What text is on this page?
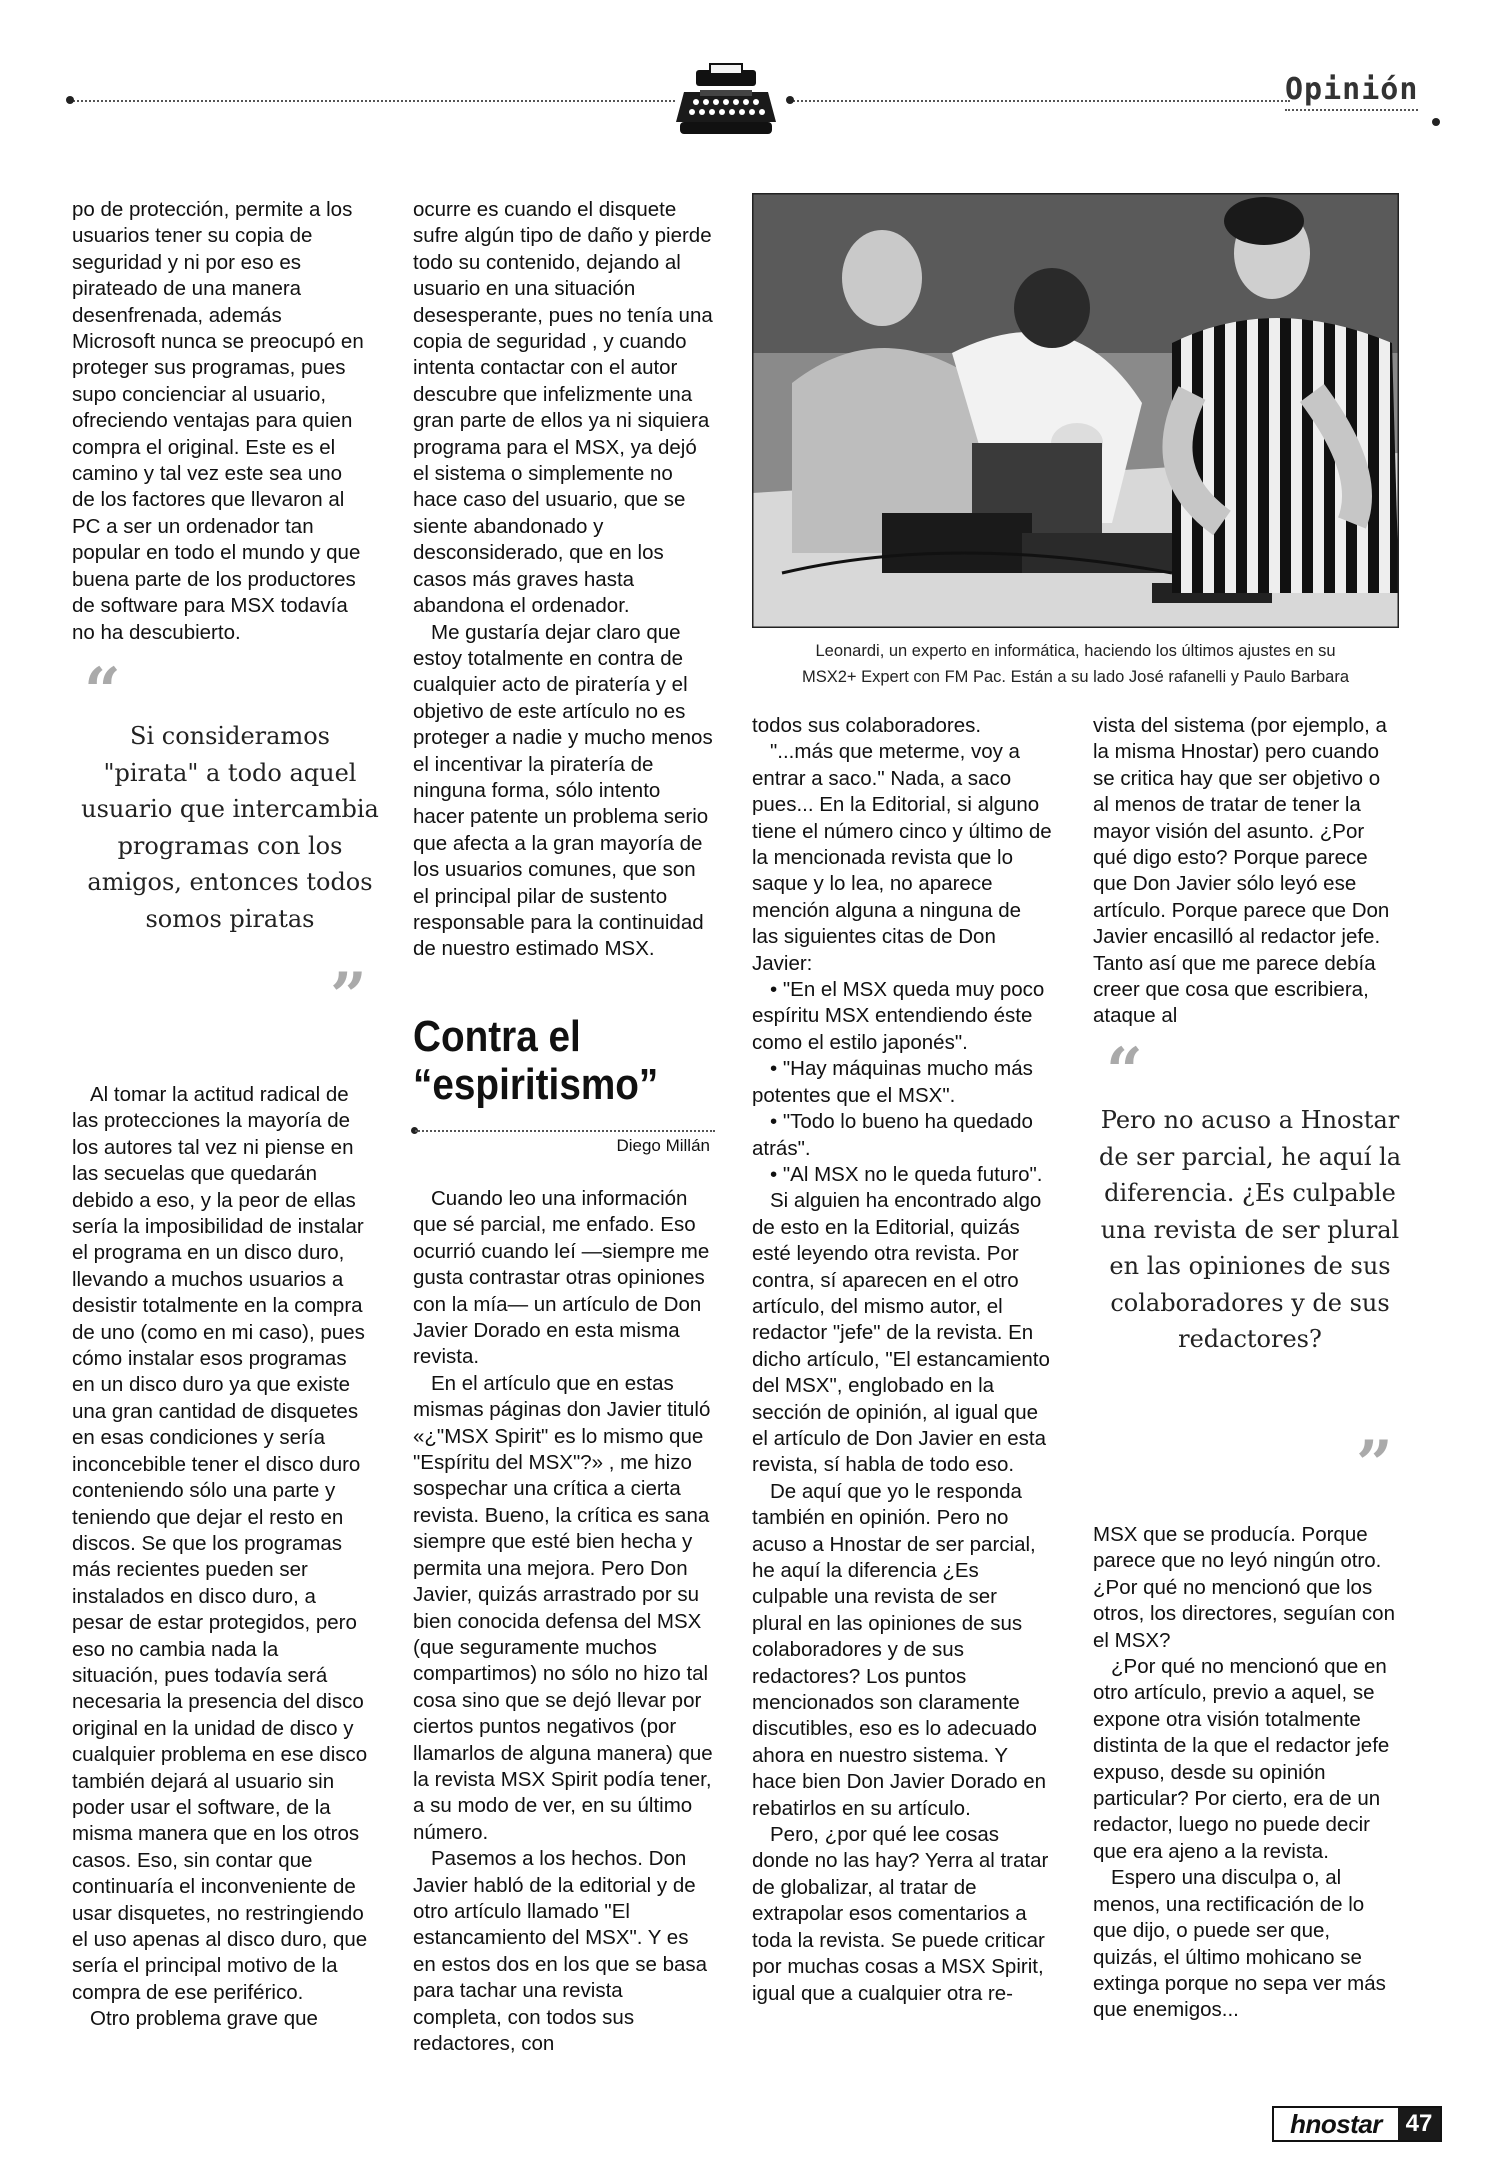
Opinión

po de protección, permite a los usuarios tener su copia de seguridad y ni por eso es pirateado de una manera desenfrenada, además Microsoft nunca se preocupó en proteger sus programas, pues supo concienciar al usuario, ofreciendo ventajas para quien compra el original. Este es el camino y tal vez este sea uno de los factores que llevaron al PC a ser un ordenador tan popular en todo el mundo y que buena parte de los productores de software para MSX todavía no ha descubierto.

“
Si consideramos "pirata" a todo aquel usuario que intercambia programas con los amigos, entonces todos somos piratas
”

Al tomar la actitud radical de las protecciones la mayoría de los autores tal vez ni piense en las secuelas que quedarán debido a eso, y la peor de ellas sería la imposibilidad de instalar el programa en un disco duro, llevando a muchos usuarios a desistir totalmente en la compra de uno (como en mi caso), pues cómo instalar esos programas en un disco duro ya que existe una gran cantidad de disquetes en esas condiciones y sería inconcebible tener el disco duro conteniendo sólo una parte y teniendo que dejar el resto en discos. Se que los programas más recientes pueden ser instalados en disco duro, a pesar de estar protegidos, pero eso no cambia nada la situación, pues todavía será necesaria la presencia del disco original en la unidad de disco y cualquier problema en ese disco también dejará al usuario sin poder usar el software, de la misma manera que en los otros casos. Eso, sin contar que continuaría el inconveniente de usar disquetes, no restringiendo el uso apenas al disco duro, que sería el principal motivo de la compra de ese periférico.

Otro problema grave que

ocurre es cuando el disquete sufre algún tipo de daño y pierde todo su contenido, dejando al usuario en una situación desesperante, pues no tenía una copia de seguridad , y cuando intenta contactar con el autor descubre que infelizmente una gran parte de ellos ya ni siquiera programa para el MSX, ya dejó el sistema o simplemente no hace caso del usuario, que se siente abandonado y desconsiderado, que en los casos más graves hasta abandona el ordenador.

Me gustaría dejar claro que estoy totalmente en contra de cualquier acto de piratería y el objetivo de este artículo no es proteger a nadie y mucho menos el incentivar la piratería de ninguna forma, sólo intento hacer patente un problema serio que afecta a la gran mayoría de los usuarios comunes, que son el principal pilar de sustento responsable para la continuidad de nuestro estimado MSX.

Contra el
“espiritismo”
Diego Millán

Cuando leo una información que sé parcial, me enfado. Eso ocurrió cuando leí —siempre me gusta contrastar otras opiniones con la mía— un artículo de Don Javier Dorado en esta misma revista.

En el artículo que en estas mismas páginas don Javier tituló «¿"MSX Spirit" es lo mismo que "Espíritu del MSX"?» , me hizo sospechar una crítica a cierta revista. Bueno, la crítica es sana siempre que esté bien hecha y permita una mejora. Pero Don Javier, quizás arrastrado por su bien conocida defensa del MSX (que seguramente muchos compartimos) no sólo no hizo tal cosa sino que se dejó llevar por ciertos puntos negativos (por llamarlos de alguna manera) que la revista MSX Spirit podía tener, a su modo de ver, en su último número.

Pasemos a los hechos. Don Javier habló de la editorial y de otro artículo llamado "El estancamiento del MSX". Y es en estos dos en los que se basa para tachar una revista completa, con todos sus redactores, con

Leonardi, un experto en informática, haciendo los últimos ajustes en su
MSX2+ Expert con FM Pac. Están a su lado José rafanelli y Paulo Barbara

todos sus colaboradores.

"...más que meterme, voy a entrar a saco." Nada, a saco pues... En la Editorial, si alguno tiene el número cinco y último de la mencionada revista que lo saque y lo lea, no aparece mención alguna a ninguna de las siguientes citas de Don Javier:

• "En el MSX queda muy poco espíritu MSX entendiendo éste como el estilo japonés".

• "Hay máquinas mucho más potentes que el MSX".

• "Todo lo bueno ha quedado atrás".

• "Al MSX no le queda futuro".

Si alguien ha encontrado algo de esto en la Editorial, quizás esté leyendo otra revista. Por contra, sí aparecen en el otro artículo, del mismo autor, el redactor "jefe" de la revista. En dicho artículo, "El estancamiento del MSX", englobado en la sección de opinión, al igual que el artículo de Don Javier en esta revista, sí habla de todo eso.

De aquí que yo le responda también en opinión. Pero no acuso a Hnostar de ser parcial, he aquí la diferencia ¿Es culpable una revista de ser plural en las opiniones de sus colaboradores y de sus redactores? Los puntos mencionados son claramente discutibles, eso es lo adecuado ahora en nuestro sistema. Y hace bien Don Javier Dorado en rebatirlos en su artículo.

Pero, ¿por qué lee cosas donde no las hay? Yerra al tratar de globalizar, al tratar de extrapolar esos comentarios a toda la revista. Se puede criticar por muchas cosas a MSX Spirit, igual que a cualquier otra re-

vista del sistema (por ejemplo, a la misma Hnostar) pero cuando se critica hay que ser objetivo o al menos de tratar de tener la mayor visión del asunto. ¿Por qué digo esto? Porque parece que Don Javier sólo leyó ese artículo. Porque parece que Don Javier encasilló al redactor jefe. Tanto así que me parece debía creer que cosa que escribiera, ataque al

“
Pero no acuso a Hnostar de ser parcial, he aquí la diferencia. ¿Es culpable una revista de ser plural en las opiniones de sus colaboradores y de sus redactores?
”

MSX que se producía. Porque parece que no leyó ningún otro. ¿Por qué no mencionó que los otros, los directores, seguían con el MSX?

¿Por qué no mencionó que en otro artículo, previo a aquel, se expone otra visión totalmente distinta de la que el redactor jefe expuso, desde su opinión particular? Por cierto, era de un redactor, luego no puede decir que era ajeno a la revista.

Espero una disculpa o, al menos, una rectificación de lo que dijo, o puede ser que, quizás, el último mohicano se extinga porque no sepa ver más que enemigos...

hnostar 47
